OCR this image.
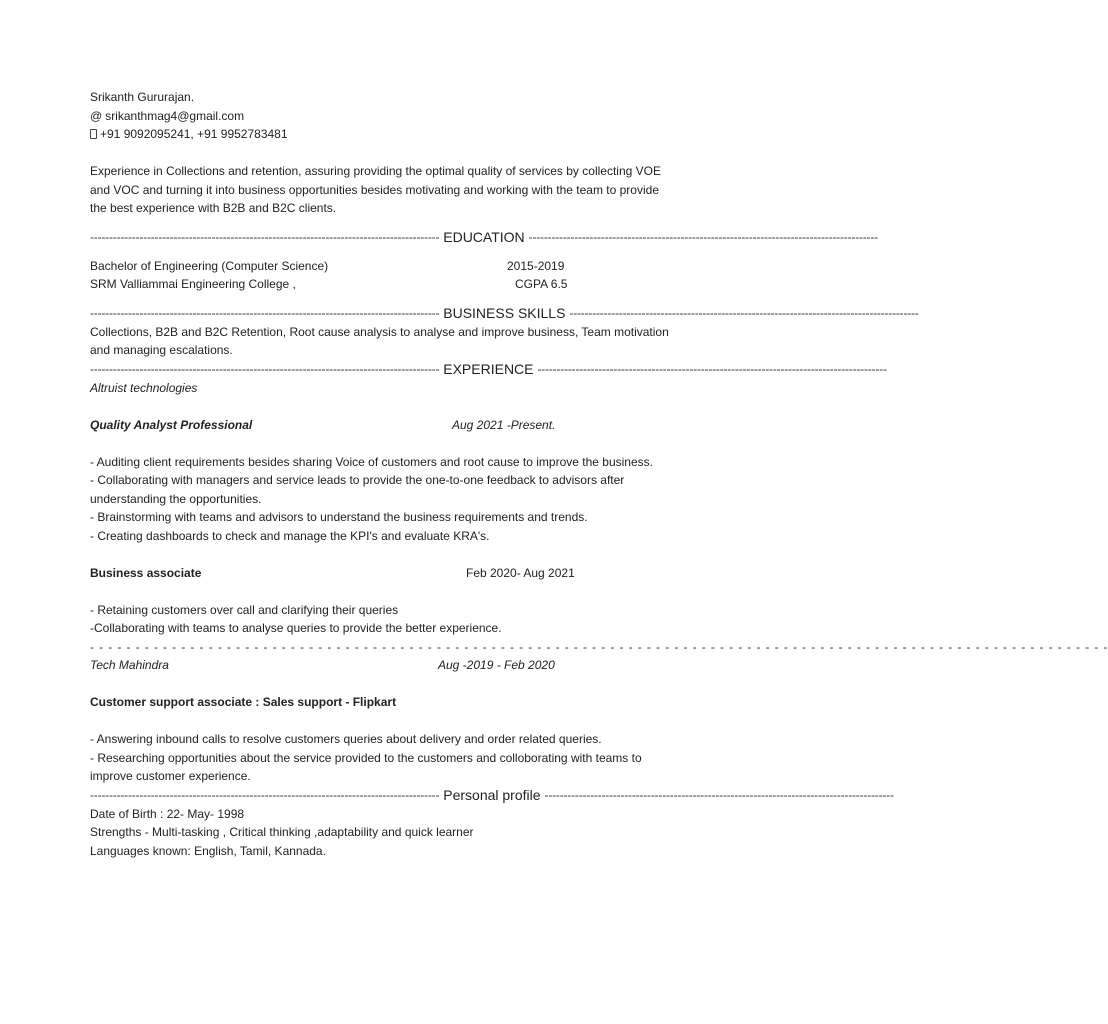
Srikanth Gururajan.
@ srikanthmag4@gmail.com
+91 9092095241, +91 9952783481
Experience in Collections and retention, assuring providing the optimal quality of services by collecting VOE and VOC and turning it into business opportunities besides motivating and working with the team to provide the best experience with B2B and B2C clients.
-------------------------------------------------------------------------------------------- EDUCATION --------------------------------------------------------------------------------------------
Bachelor of Engineering (Computer Science)	2015-2019
SRM Valliammai Engineering College ,	CGPA 6.5
-------------------------------------------------------------------------------------------- BUSINESS SKILLS --------------------------------------------------------------------------------------------
Collections, B2B and B2C Retention, Root cause analysis to analyse and improve business, Team motivation and managing escalations.
-------------------------------------------------------------------------------------------- EXPERIENCE --------------------------------------------------------------------------------------------
Altruist technologies
Quality Analyst Professional	Aug 2021 -Present.
- Auditing client requirements besides sharing Voice of customers and root cause to improve the business.
- Collaborating with managers and service leads to provide the one-to-one feedback to advisors after understanding the opportunities.
- Brainstorming with teams and advisors to understand the business requirements and trends.
- Creating dashboards to check and manage the KPI's and evaluate KRA's.
Business associate	Feb 2020- Aug 2021
- Retaining customers over call and clarifying their queries
-Collaborating with teams to analyse queries to provide the better experience.
- - - - - - - - - - - - - - - - - - - - - - - - - - - - - - - - - - - - - - - - - - - - - - - - - - - - - - - - - - - - - - - - - - - - - - - - - - - - - - - - - - - - - - - - - - - - - - - - - - - - - - - - - - - - - - - -
Tech Mahindra	Aug -2019 - Feb 2020
Customer support associate : Sales support - Flipkart
- Answering inbound calls to resolve customers queries about delivery and order related queries.
- Researching opportunities about the service provided to the customers and colloborating with teams to improve customer experience.
-------------------------------------------------------------------------------------------- Personal profile --------------------------------------------------------------------------------------------
Date of Birth : 22- May- 1998
Strengths - Multi-tasking , Critical thinking ,adaptability and quick learner
Languages known: English, Tamil, Kannada.
